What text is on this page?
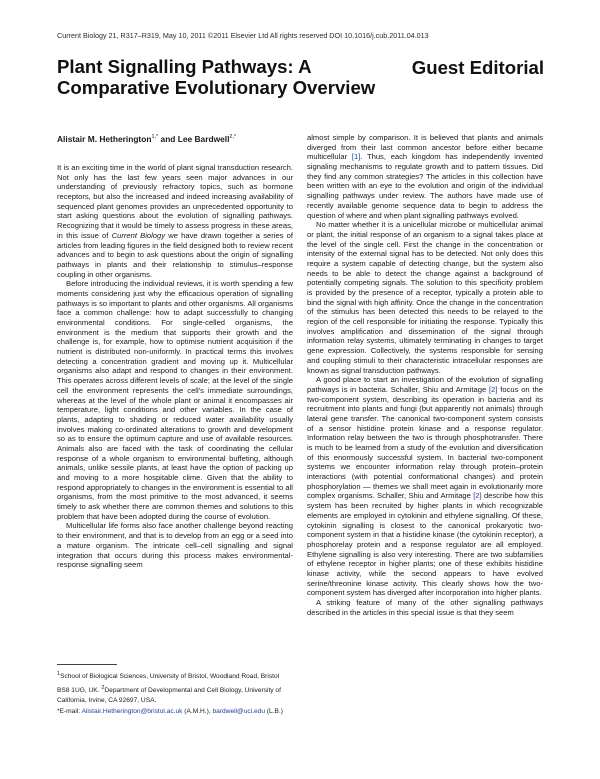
Current Biology 21, R317–R319, May 10, 2011 ©2011 Elsevier Ltd All rights reserved DOI 10.1016/j.cub.2011.04.013
Plant Signalling Pathways: A Comparative Evolutionary Overview
Guest Editorial
Alistair M. Hetherington$^{1,*}$ and Lee Bardwell$^{2,*}$

It is an exciting time in the world of plant signal transduction research. Not only has the last few years seen major advances in our understanding of previously refractory topics, such as hormone receptors, but also the increased and indeed increasing availability of sequenced plant genomes provides an unprecedented opportunity to start asking questions about the evolution of signalling pathways. Recognizing that it would be timely to assess progress in these areas, in this issue of Current Biology we have drawn together a series of articles from leading figures in the field designed both to review recent advances and to begin to ask questions about the origin of signalling pathways in plants and their relationship to stimulus–response coupling in other organisms.

Before introducing the individual reviews, it is worth spending a few moments considering just why the efficacious operation of signalling pathways is so important to plants and other organisms. All organisms face a common challenge: how to adapt successfully to changing environmental conditions. For single-celled organisms, the environment is the medium that supports their growth and the challenge is, for example, how to optimise nutrient acquisition if the nutrient is distributed non-uniformly. In practical terms this involves detecting a concentration gradient and moving up it. Multicellular organisms also adapt and respond to changes in their environment. This operates across different levels of scale; at the level of the single cell the environment represents the cell's immediate surroundings, whereas at the level of the whole plant or animal it encompasses air temperature, light conditions and other variables. In the case of plants, adapting to shading or reduced water availability usually involves making co-ordinated alterations to growth and development so as to ensure the optimum capture and use of available resources. Animals also are faced with the task of coordinating the cellular response of a whole organism to environmental buffeting, although animals, unlike sessile plants, at least have the option of packing up and moving to a more hospitable clime. Given that the ability to respond appropriately to changes in the environment is essential to all organisms, from the most primitive to the most advanced, it seems timely to ask whether there are common themes and solutions to this problem that have been adopted during the course of evolution.

Multicellular life forms also face another challenge beyond reacting to their environment, and that is to develop from an egg or a seed into a mature organism. The intricate cell–cell signalling and signal integration that occurs during this process makes environmental-response signalling seem

almost simple by comparison. It is believed that plants and animals diverged from their last common ancestor before either became multicellular [1]. Thus, each kingdom has independently invented signaling mechanisms to regulate growth and to pattern tissues. Did they find any common strategies? The articles in this collection have been written with an eye to the evolution and origin of the individual signalling pathways under review. The authors have made use of recently available genome sequence data to begin to address the question of where and when plant signalling pathways evolved.

No matter whether it is a unicellular microbe or multicellular animal or plant, the initial response of an organism to a signal takes place at the level of the single cell. First the change in the concentration or intensity of the external signal has to be detected. Not only does this require a system capable of detecting change, but the system also needs to be able to detect the change against a background of potentially competing signals. The solution to this specificity problem is provided by the presence of a receptor, typically a protein able to bind the signal with high affinity. Once the change in the concentration of the stimulus has been detected this needs to be relayed to the region of the cell responsible for initiating the response. Typically this involves amplification and dissemination of the signal through information relay systems, ultimately terminating in changes to target gene expression. Collectively, the systems responsible for sensing and coupling stimuli to their characteristic intracellular responses are known as signal transduction pathways.

A good place to start an investigation of the evolution of signalling pathways is in bacteria. Schaller, Shiu and Armitage [2] focus on the two-component system, describing its operation in bacteria and its recruitment into plants and fungi (but apparently not animals) through lateral gene transfer. The canonical two-component system consists of a sensor histidine protein kinase and a response regulator. Information relay between the two is through phosphotransfer. There is much to be learned from a study of the evolution and diversification of this enormously successful system. In bacterial two-component systems we encounter information relay through protein–protein interactions (with potential conformational changes) and protein phosphorylation — themes we shall meet again in evolutionarily more complex organisms. Schaller, Shiu and Armitage [2] describe how this system has been recruited by higher plants in which recognizable elements are employed in cytokinin and ethylene signalling. Of these, cytokinin signalling is closest to the canonical prokaryotic two-component system in that a histidine kinase (the cytokinin receptor), a phosphorelay protein and a response regulator are all employed. Ethylene signalling is also very interesting. There are two subfamilies of ethylene receptor in higher plants; one of these exhibits histidine kinase activity, while the second appears to have evolved serine/threonine kinase activity. This clearly shows how the two-component system has diverged after incorporation into higher plants.

A striking feature of many of the other signalling pathways described in the articles in this special issue is that they seem

$^1$School of Biological Sciences, University of Bristol, Woodland Road, Bristol BS8 1UG, UK. $^2$Department of Developmental and Cell Biology, University of California, Irvine, CA 92697, USA.

*E-mail: Alistair.Hetherington@bristol.ac.uk (A.M.H.), bardwell@uci.edu (L.B.)
